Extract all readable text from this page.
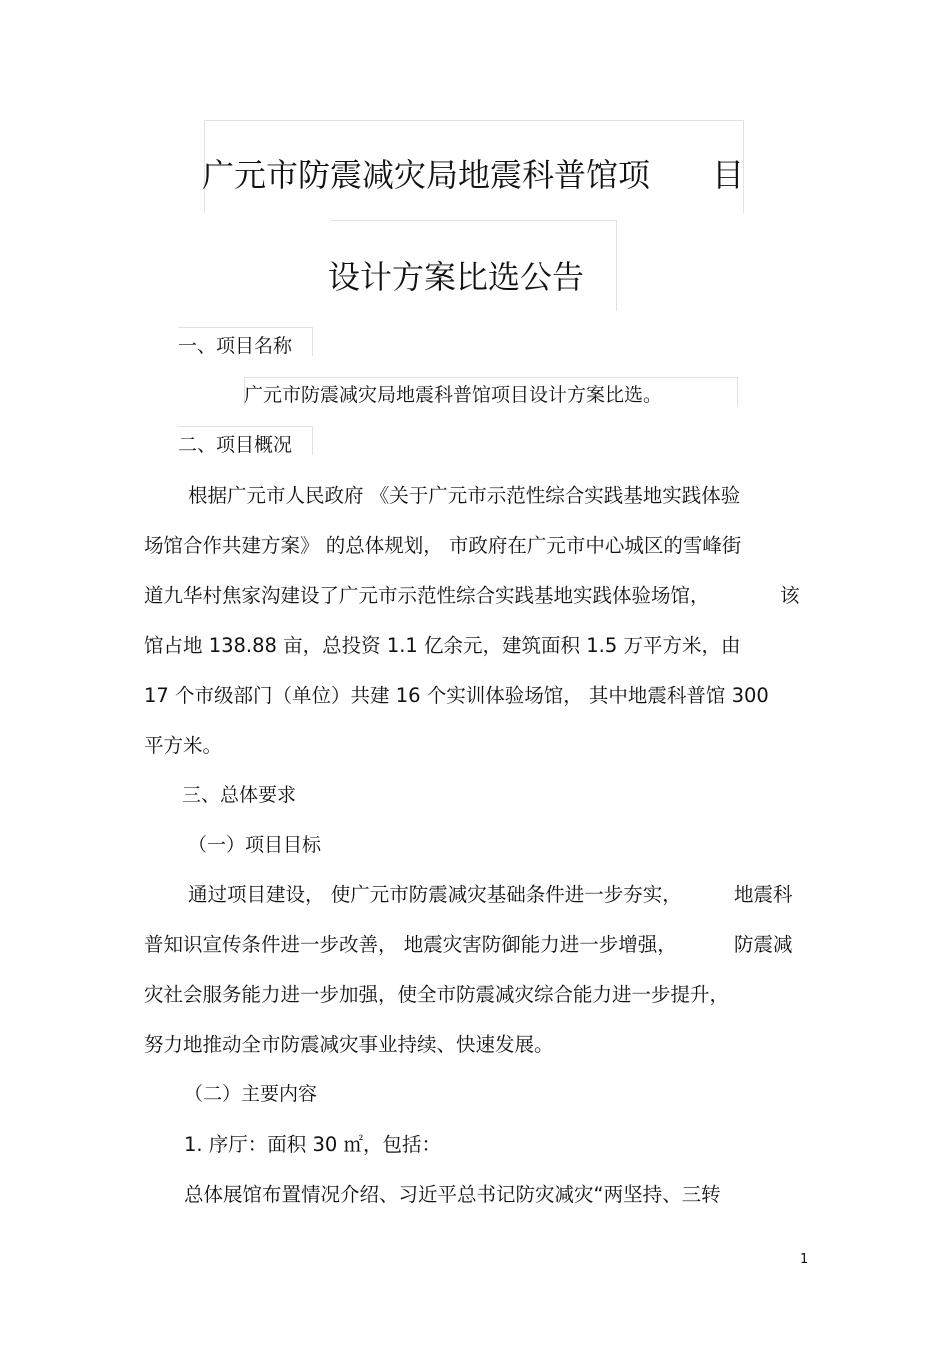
广元市防震减灾局地震科普馆项 目
设计方案比选公告
一、项目名称
广元市防震减灾局地震科普馆项目设计方案比选。
二、项目概况
根据广元市人民政府 《关于广元市示范性综合实践基地实践体验
场馆合作共建方案》 的总体规划， 市政府在广元市中心城区的雪峰街
道九华村焦家沟建设了广元市示范性综合实践基地实践体验场馆，	该
馆占地 138.88 亩，总投资 1.1 亿余元，建筑面积 1.5 万平方米，由
17 个市级部门（单位）共建 16 个实训体验场馆， 其中地震科普馆 300
平方米。
三、总体要求
（一）项目目标
通过项目建设， 使广元市防震减灾基础条件进一步夯实，	地震科
普知识宣传条件进一步改善， 地震灾害防御能力进一步增强，	防震减
灾社会服务能力进一步加强，使全市防震减灾综合能力进一步提升，
努力地推动全市防震减灾事业持续、快速发展。
（二）主要内容
1. 序厅：面积 30 ㎡，包括：
总体展馆布置情况介绍、习近平总书记防灾减灾“两坚持、三转
1
